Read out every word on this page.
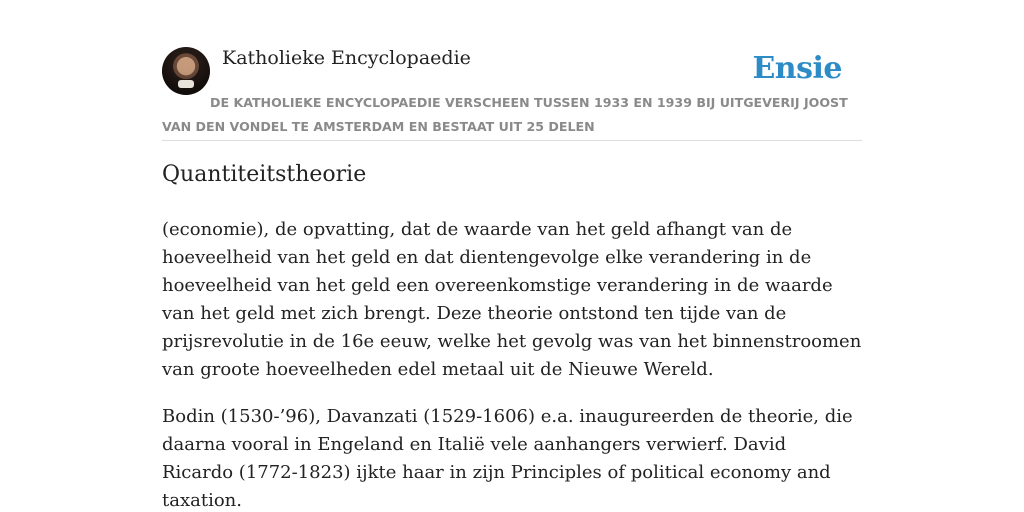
Katholieke Encyclopaedie	Ensie
DE KATHOLIEKE ENCYCLOPAEDIE VERSCHEEN TUSSEN 1933 EN 1939 BIJ UITGEVERIJ JOOST VAN DEN VONDEL TE AMSTERDAM EN BESTAAT UIT 25 DELEN
Quantiteitstheorie

(economie), de opvatting, dat de waarde van het geld afhangt van de hoeveelheid van het geld en dat dientengevolge elke verandering in de hoeveelheid van het geld een overeenkomstige verandering in de waarde van het geld met zich brengt. Deze theorie ontstond ten tijde van de prijsrevolutie in de 16e eeuw, welke het gevolg was van het binnenstroomen van groote hoeveelheden edel metaal uit de Nieuwe Wereld.

Bodin (1530-’96), Davanzati (1529-1606) e.a. inaugureerden de theorie, die daarna vooral in Engeland en Italië vele aanhangers verwierf. David Ricardo (1772-1823) ijkte haar in zijn Principles of political economy and taxation.
